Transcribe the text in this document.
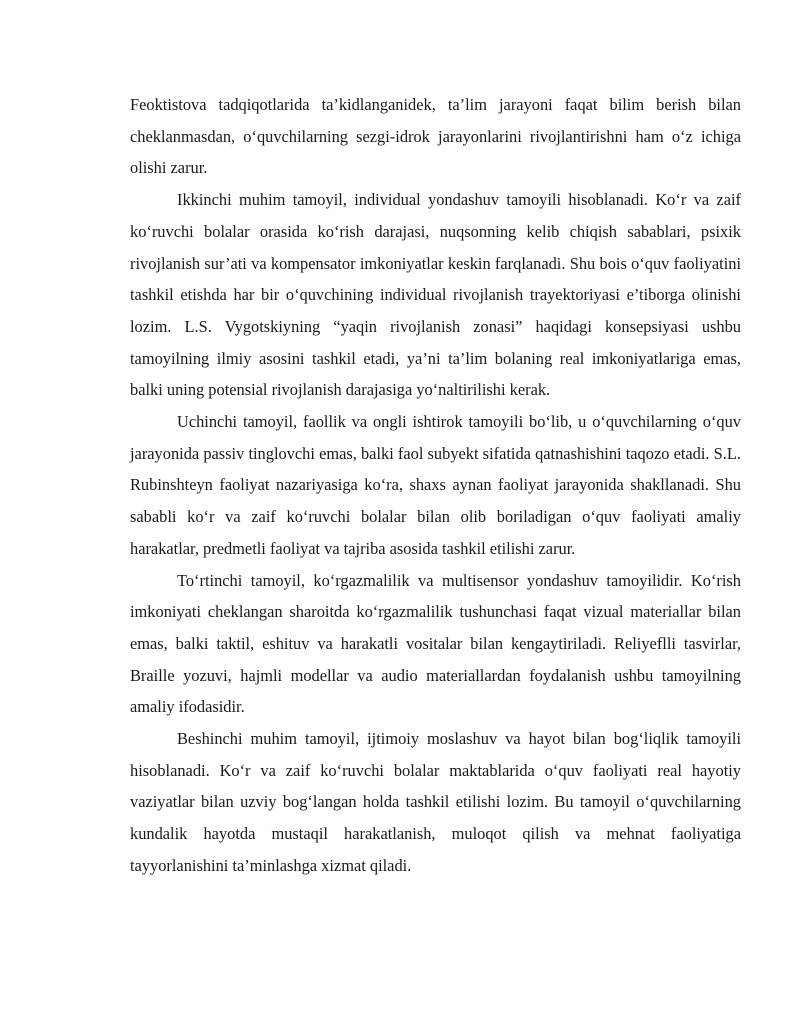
Feoktistova tadqiqotlarida ta’kidlanganidek, ta’lim jarayoni faqat bilim berish bilan cheklanmasdan, o‘quvchilarning sezgi-idrok jarayonlarini rivojlantirishni ham o‘z ichiga olishi zarur.

Ikkinchi muhim tamoyil, individual yondashuv tamoyili hisoblanadi. Ko‘r va zaif ko‘ruvchi bolalar orasida ko‘rish darajasi, nuqsonning kelib chiqish sabablari, psixik rivojlanish sur’ati va kompensator imkoniyatlar keskin farqlanadi. Shu bois o‘quv faoliyatini tashkil etishda har bir o‘quvchining individual rivojlanish trayektoriyasi e’tiborga olinishi lozim. L.S. Vygotskiyning “yaqin rivojlanish zonasi” haqidagi konsepsiyasi ushbu tamoyilning ilmiy asosini tashkil etadi, ya’ni ta’lim bolaning real imkoniyatlariga emas, balki uning potensial rivojlanish darajasiga yo‘naltirilishi kerak.

Uchinchi tamoyil, faollik va ongli ishtirok tamoyili bo‘lib, u o‘quvchilarning o‘quv jarayonida passiv tinglovchi emas, balki faol subyekt sifatida qatnashishini taqozo etadi. S.L. Rubinshteyn faoliyat nazariyasiga ko‘ra, shaxs aynan faoliyat jarayonida shakllanadi. Shu sababli ko‘r va zaif ko‘ruvchi bolalar bilan olib boriladigan o‘quv faoliyati amaliy harakatlar, predmetli faoliyat va tajriba asosida tashkil etilishi zarur.

To‘rtinchi tamoyil, ko‘rgazmalilik va multisensor yondashuv tamoyilidir. Ko‘rish imkoniyati cheklangan sharoitda ko‘rgazmalilik tushunchasi faqat vizual materiallar bilan emas, balki taktil, eshituv va harakatli vositalar bilan kengaytiriladi. Reliyeflli tasvirlar, Braille yozuvi, hajmli modellar va audio materiallardan foydalanish ushbu tamoyilning amaliy ifodasidir.

Beshinchi muhim tamoyil, ijtimoiy moslashuv va hayot bilan bog‘liqlik tamoyili hisoblanadi. Ko‘r va zaif ko‘ruvchi bolalar maktablarida o‘quv faoliyati real hayotiy vaziyatlar bilan uzviy bog‘langan holda tashkil etilishi lozim. Bu tamoyil o‘quvchilarning kundalik hayotda mustaqil harakatlanish, muloqot qilish va mehnat faoliyatiga tayyorlanishini ta’minlashga xizmat qiladi.
